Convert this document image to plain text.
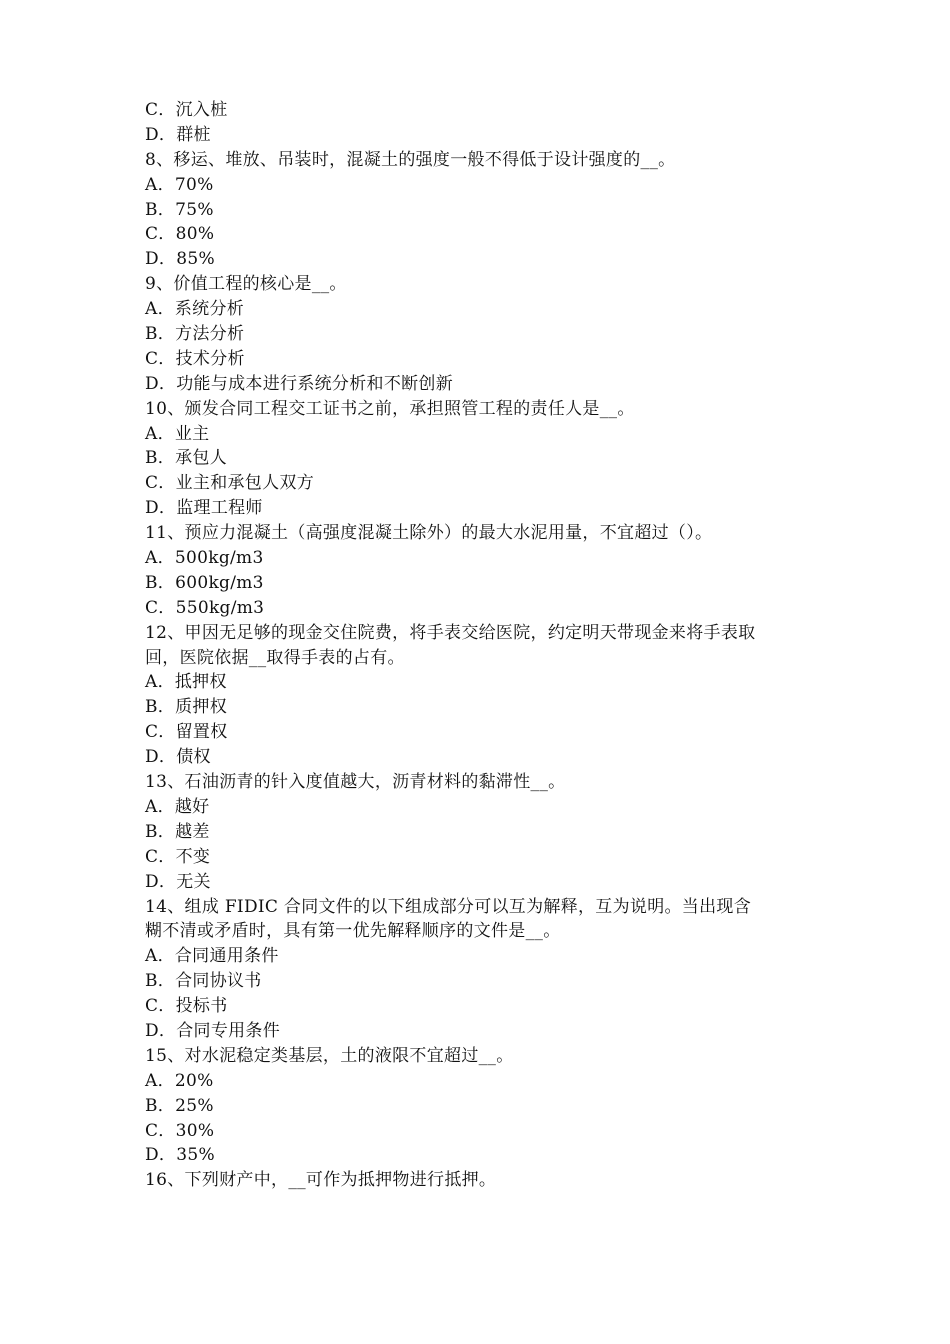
C．沉入桩
D．群桩
8、移运、堆放、吊装时，混凝土的强度一般不得低于设计强度的__。
A．70%
B．75%
C．80%
D．85%
9、价值工程的核心是__。
A．系统分析
B．方法分析
C．技术分析
D．功能与成本进行系统分析和不断创新
10、颁发合同工程交工证书之前，承担照管工程的责任人是__。
A．业主
B．承包人
C．业主和承包人双方
D．监理工程师
11、预应力混凝土（高强度混凝土除外）的最大水泥用量，不宜超过（）。
A．500kg/m3
B．600kg/m3
C．550kg/m3
12、甲因无足够的现金交住院费，将手表交给医院，约定明天带现金来将手表取
回，医院依据__取得手表的占有。
A．抵押权
B．质押权
C．留置权
D．债权
13、石油沥青的针入度值越大，沥青材料的黏滞性__。
A．越好
B．越差
C．不变
D．无关
14、组成 FIDIC 合同文件的以下组成部分可以互为解释，互为说明。当出现含
糊不清或矛盾时，具有第一优先解释顺序的文件是__。
A．合同通用条件
B．合同协议书
C．投标书
D．合同专用条件
15、对水泥稳定类基层，土的液限不宜超过__。
A．20%
B．25%
C．30%
D．35%
16、下列财产中，__可作为抵押物进行抵押。
